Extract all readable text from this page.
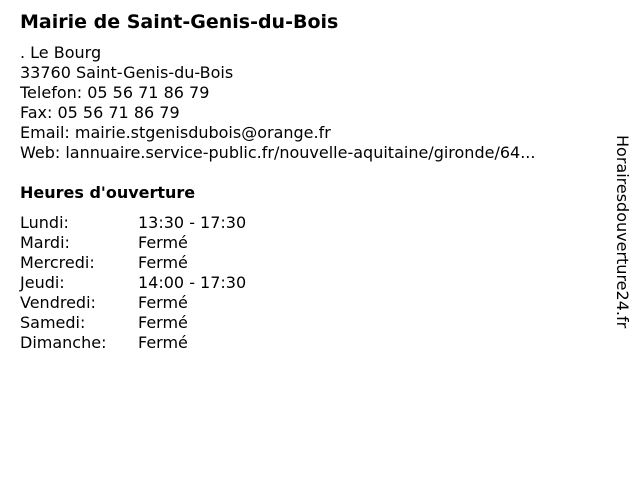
Mairie de Saint-Genis-du-Bois
. Le Bourg
33760 Saint-Genis-du-Bois
Telefon: 05 56 71 86 79
Fax: 05 56 71 86 79
Email: mairie.stgenisdubois@orange.fr
Web: lannuaire.service-public.fr/nouvelle-aquitaine/gironde/64...
Heures d'ouverture
Lundi:	13:30 - 17:30
Mardi:	Fermé
Mercredi:	Fermé
Jeudi:	14:00 - 17:30
Vendredi:	Fermé
Samedi:	Fermé
Dimanche: Fermé
Horairesdouverture24.fr
